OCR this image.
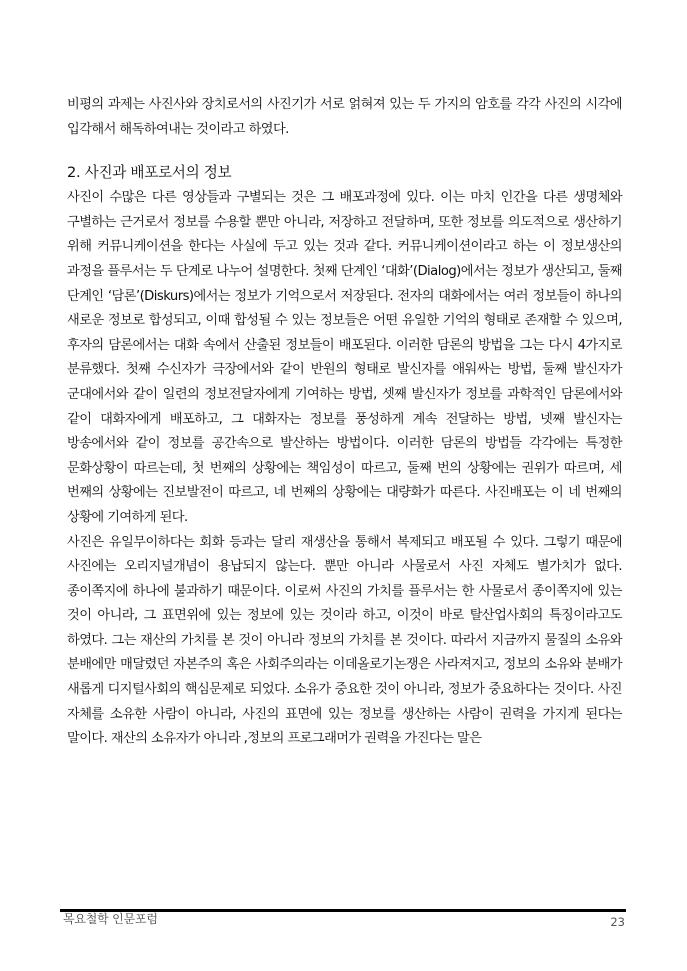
비평의 과제는 사진사와 장치로서의 사진기가 서로 얽혀져 있는 두 가지의 암호를 각각 사진의 시각에 입각해서 해독하여내는 것이라고 하였다.

2. 사진과 배포로서의 정보

사진이 수많은 다른 영상들과 구별되는 것은 그 배포과정에 있다. 이는 마치 인간을 다른 생명체와 구별하는 근거로서 정보를 수용할 뿐만 아니라, 저장하고 전달하며, 또한 정보를 의도적으로 생산하기 위해 커뮤니케이션을 한다는 사실에 두고 있는 것과 같다. 커뮤니케이션이라고 하는 이 정보생산의 과정을 플루서는 두 단계로 나누어 설명한다. 첫째 단계인 ‘대화’(Dialog)에서는 정보가 생산되고, 둘째 단계인 ‘담론’(Diskurs)에서는 정보가 기억으로서 저장된다. 전자의 대화에서는 여러 정보들이 하나의 새로운 정보로 합성되고, 이때 합성될 수 있는 정보들은 어떤 유일한 기억의 형태로 존재할 수 있으며, 후자의 담론에서는 대화 속에서 산출된 정보들이 배포된다. 이러한 담론의 방법을 그는 다시 4가지로 분류했다. 첫째 수신자가 극장에서와 같이 반원의 형태로 발신자를 애워싸는 방법, 둘째 발신자가 군대에서와 같이 일련의 정보전달자에게 기여하는 방법, 셋째 발신자가 정보를 과학적인 담론에서와 같이 대화자에게 배포하고, 그 대화자는 정보를 풍성하게 계속 전달하는 방법, 넷째 발신자는 방송에서와 같이 정보를 공간속으로 발산하는 방법이다. 이러한 담론의 방법들 각각에는 특정한 문화상황이 따르는데, 첫 번째의 상황에는 책임성이 따르고, 둘째 번의 상황에는 권위가 따르며, 세 번째의 상황에는 진보발전이 따르고, 네 번째의 상황에는 대량화가 따른다. 사진배포는 이 네 번째의 상황에 기여하게 된다.

사진은 유일무이하다는 회화 등과는 달리 재생산을 통해서 복제되고 배포될 수 있다. 그렇기 때문에 사진에는 오리지널개념이 용납되지 않는다. 뿐만 아니라 사물로서 사진 자체도 별가치가 없다. 종이쪽지에 하나에 불과하기 때문이다. 이로써 사진의 가치를 플루서는 한 사물로서 종이쪽지에 있는 것이 아니라, 그 표면위에 있는 정보에 있는 것이라 하고, 이것이 바로 탈산업사회의 특징이라고도 하였다. 그는 재산의 가치를 본 것이 아니라 정보의 가치를 본 것이다. 따라서 지금까지 물질의 소유와 분배에만 매달렸던 자본주의 혹은 사회주의라는 이데올로기논쟁은 사라져지고, 정보의 소유와 분배가 새롭게 디지털사회의 핵심문제로 되었다. 소유가 중요한 것이 아니라, 정보가 중요하다는 것이다. 사진 자체를 소유한 사람이 아니라, 사진의 표면에 있는 정보를 생산하는 사람이 권력을 가지게 된다는 말이다. 재산의 소유자가 아니라 ,정보의 프로그래머가 권력을 가진다는 말은

목요철학 인문포럼	23
